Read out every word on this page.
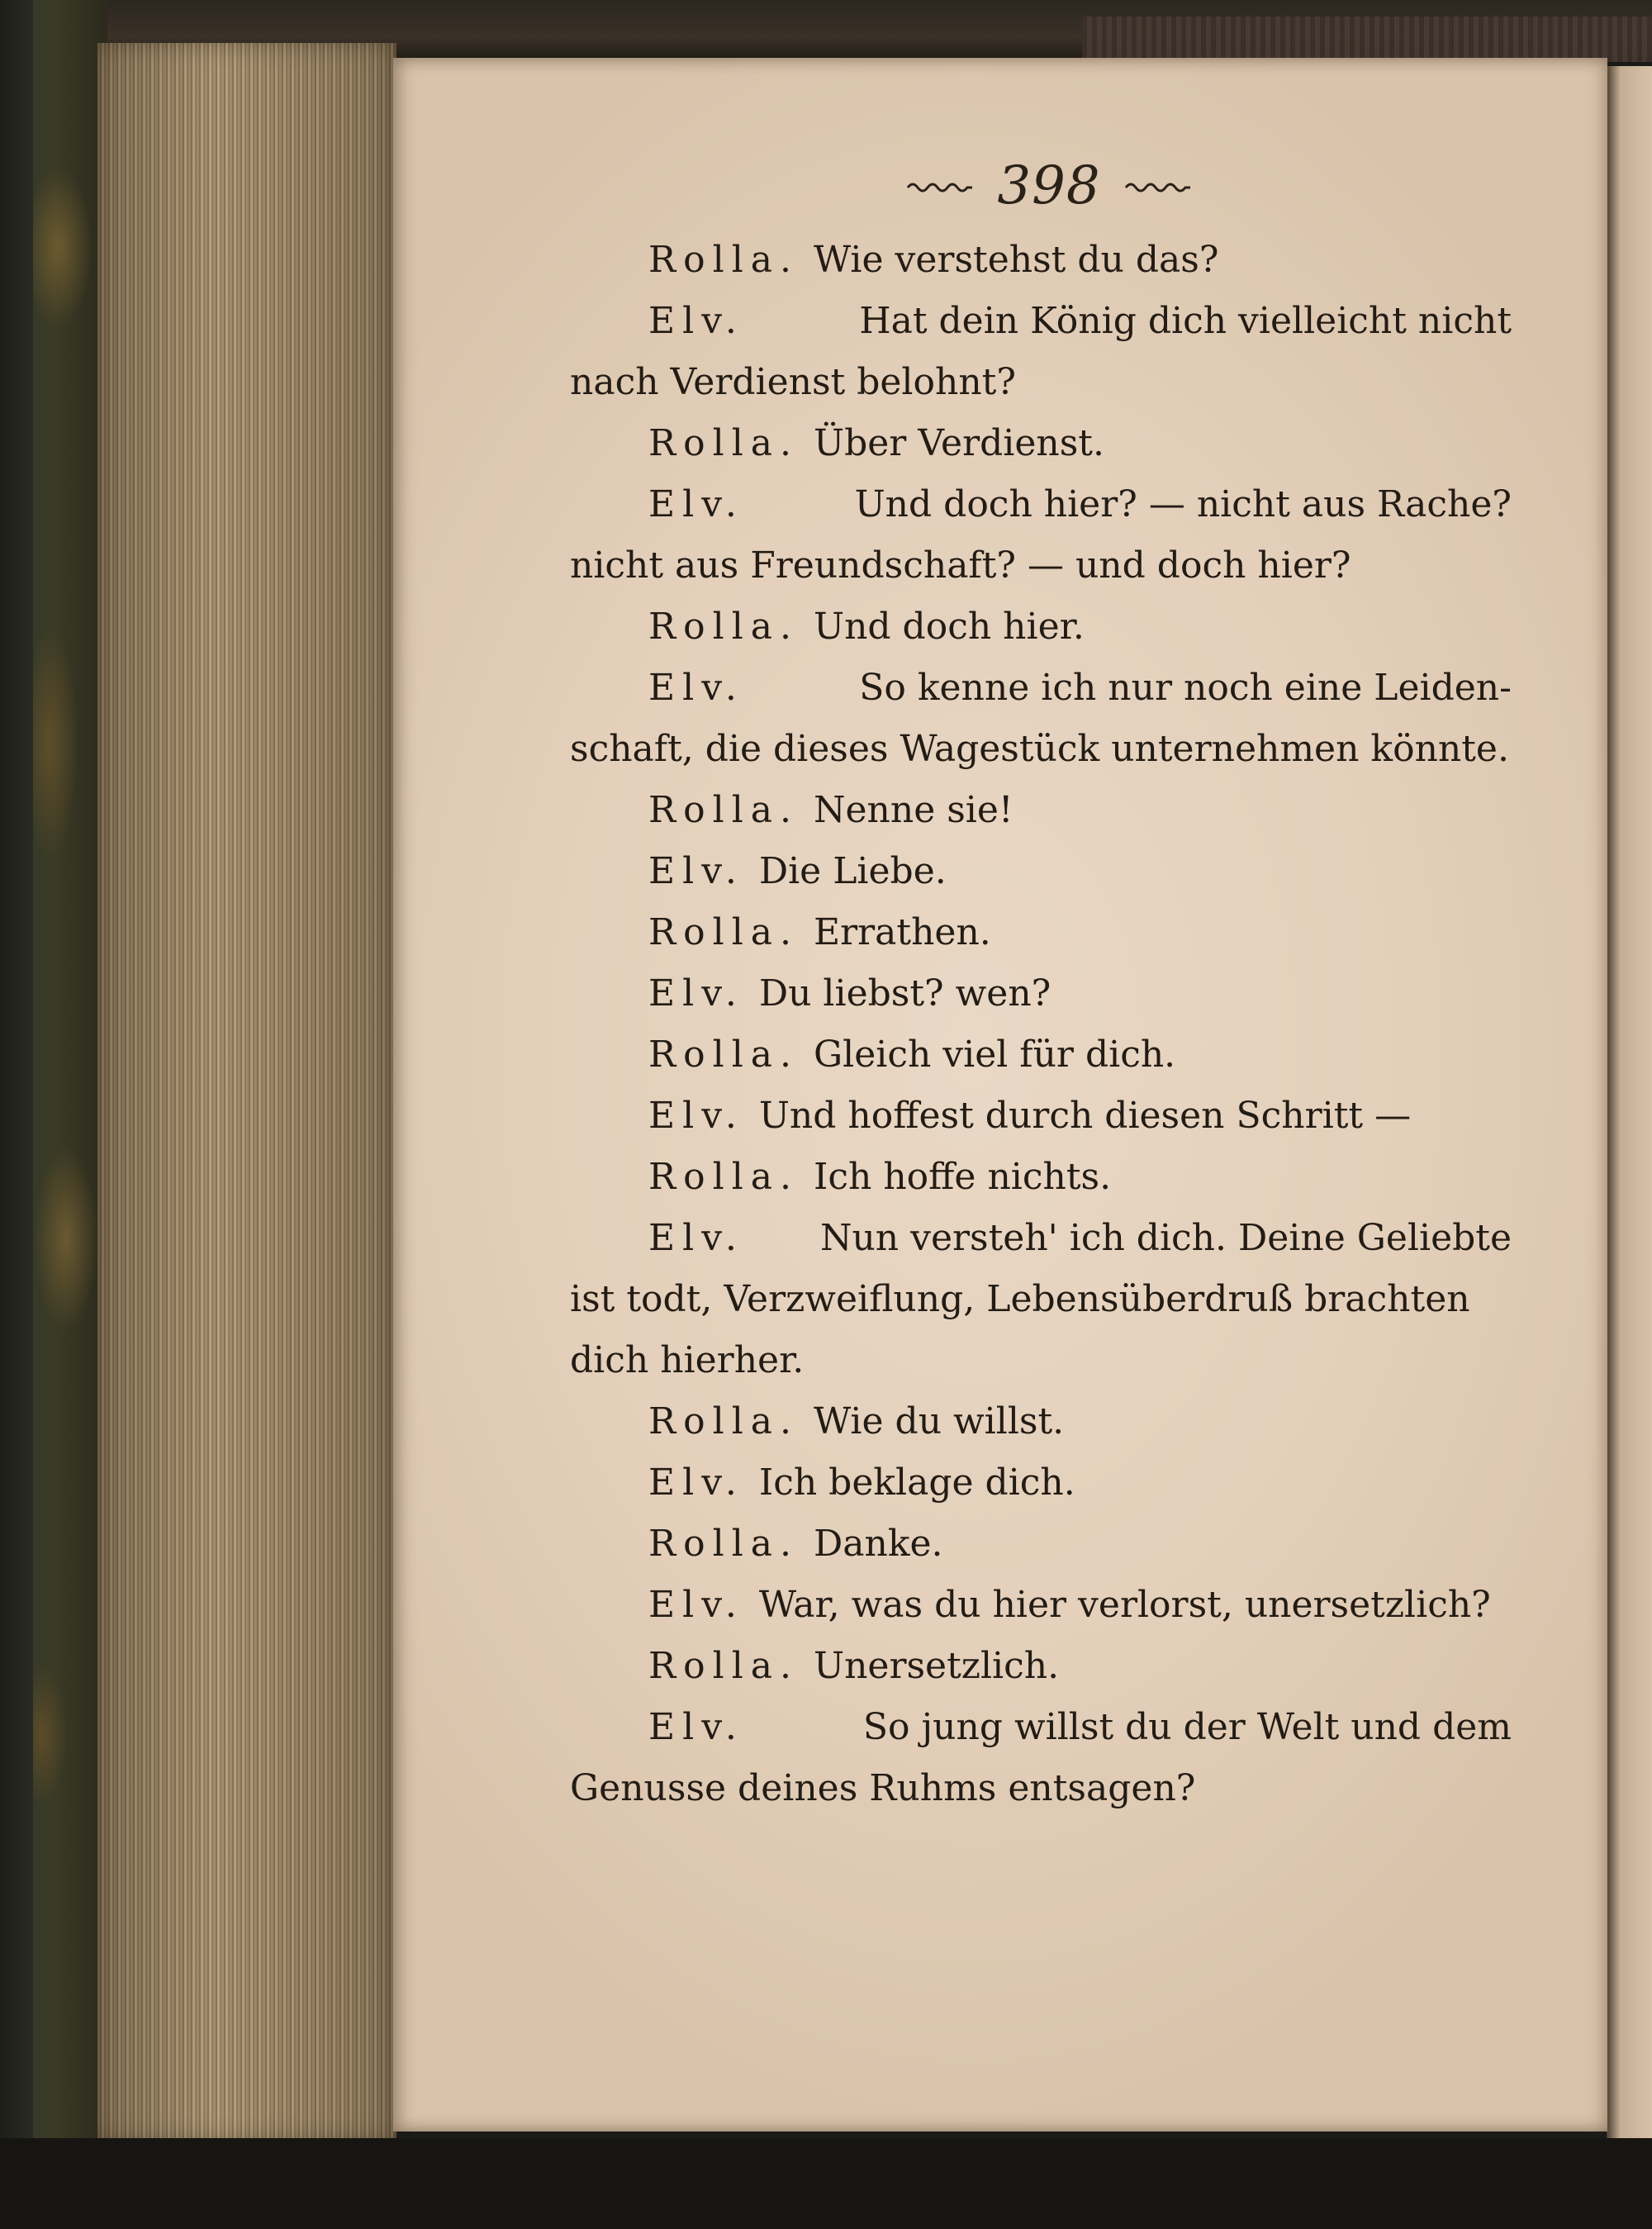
398
Rolla. Wie verstehst du das?
Elv.	Hat dein König dich vielleicht nicht
nach Verdienst belohnt?
Rolla. Über Verdienst.
Elv.	Und doch hier? — nicht aus Rache?
nicht aus Freundschaft? — und doch hier?
Rolla. Und doch hier.
Elv.	So kenne ich nur noch eine Leiden-
schaft, die dieses Wagestück unternehmen könnte.
Rolla. Nenne sie!
Elv. Die Liebe.
Rolla. Errathen.
Elv. Du liebst? wen?
Rolla. Gleich viel für dich.
Elv. Und hoffest durch diesen Schritt —
Rolla. Ich hoffe nichts.
Elv. Nun versteh' ich dich. Deine Geliebte
ist todt, Verzweiflung, Lebensüberdruß brachten
dich hierher.
Rolla. Wie du willst.
Elv. Ich beklage dich.
Rolla. Danke.
Elv. War, was du hier verlorst, unersetzlich?
Rolla. Unersetzlich.
Elv.	So jung willst du der Welt und dem
Genusse deines Ruhms entsagen?
